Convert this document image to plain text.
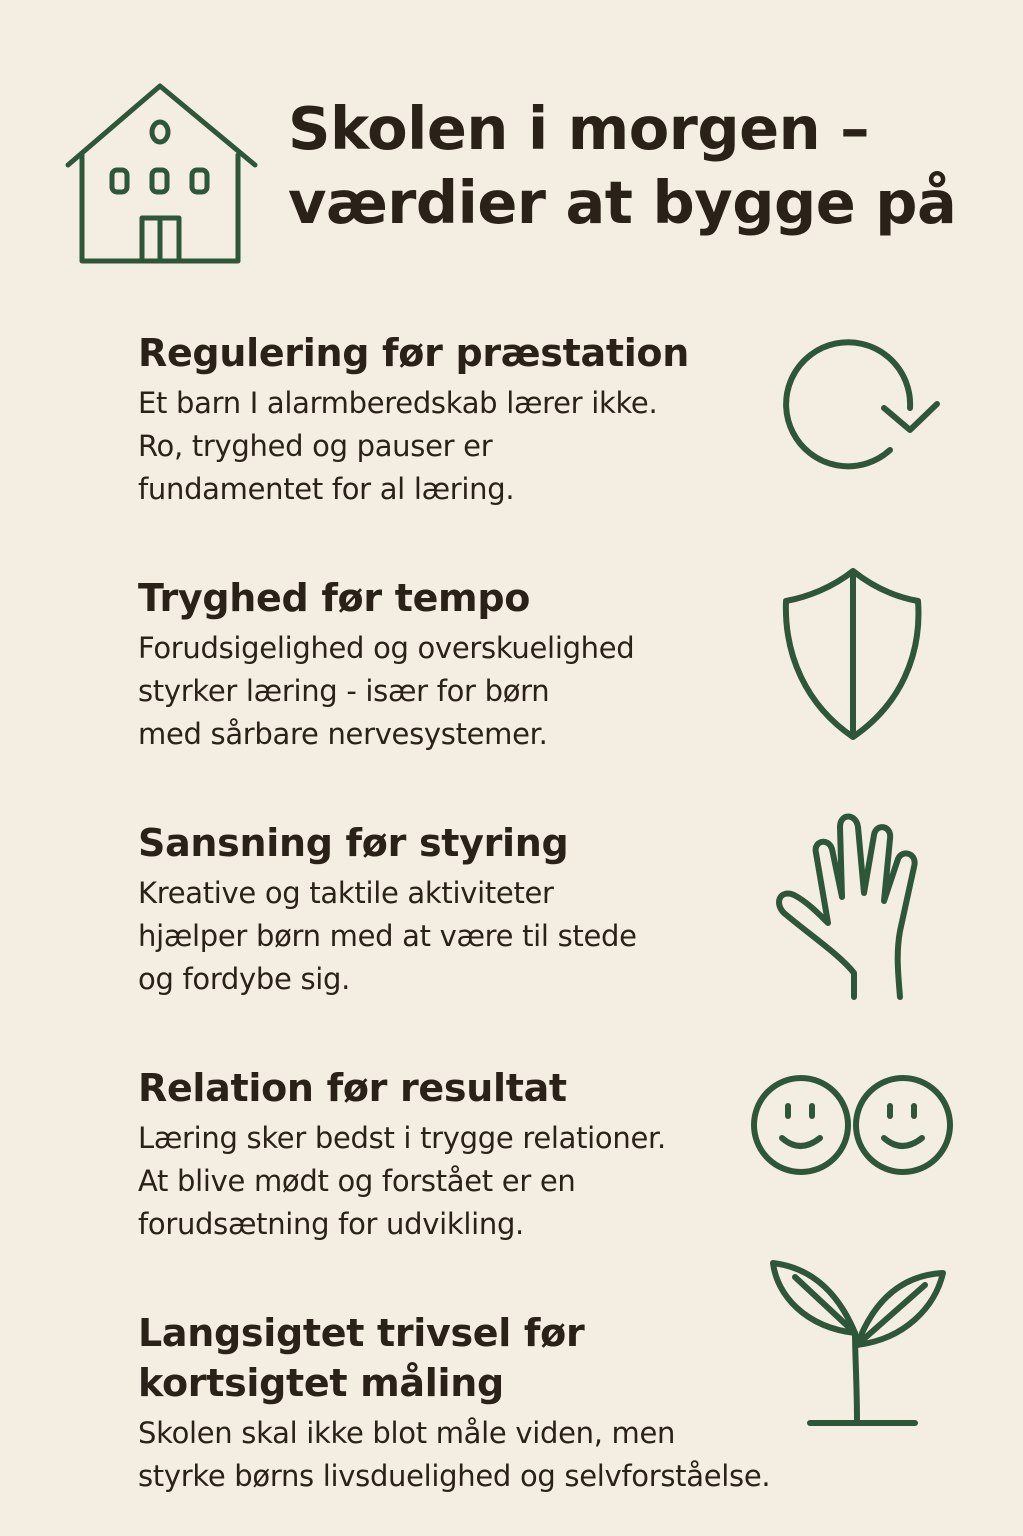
Skolen i morgen –
værdier at bygge på
Regulering før præstation

Et barn I alarmberedskab lærer ikke.
Ro, tryghed og pauser er
fundamentet for al læring.

Tryghed før tempo

Forudsigelighed og overskuelighed
styrker læring - især for børn
med sårbare nervesystemer.

Sansning før styring

Kreative og taktile aktiviteter
hjælper børn med at være til stede
og fordybe sig.

Relation før resultat

Læring sker bedst i trygge relationer.
At blive mødt og forstået er en
forudsætning for udvikling.

Langsigtet trivsel før
kortsigtet måling

Skolen skal ikke blot måle viden, men
styrke børns livsduelighed og selvforståelse.
